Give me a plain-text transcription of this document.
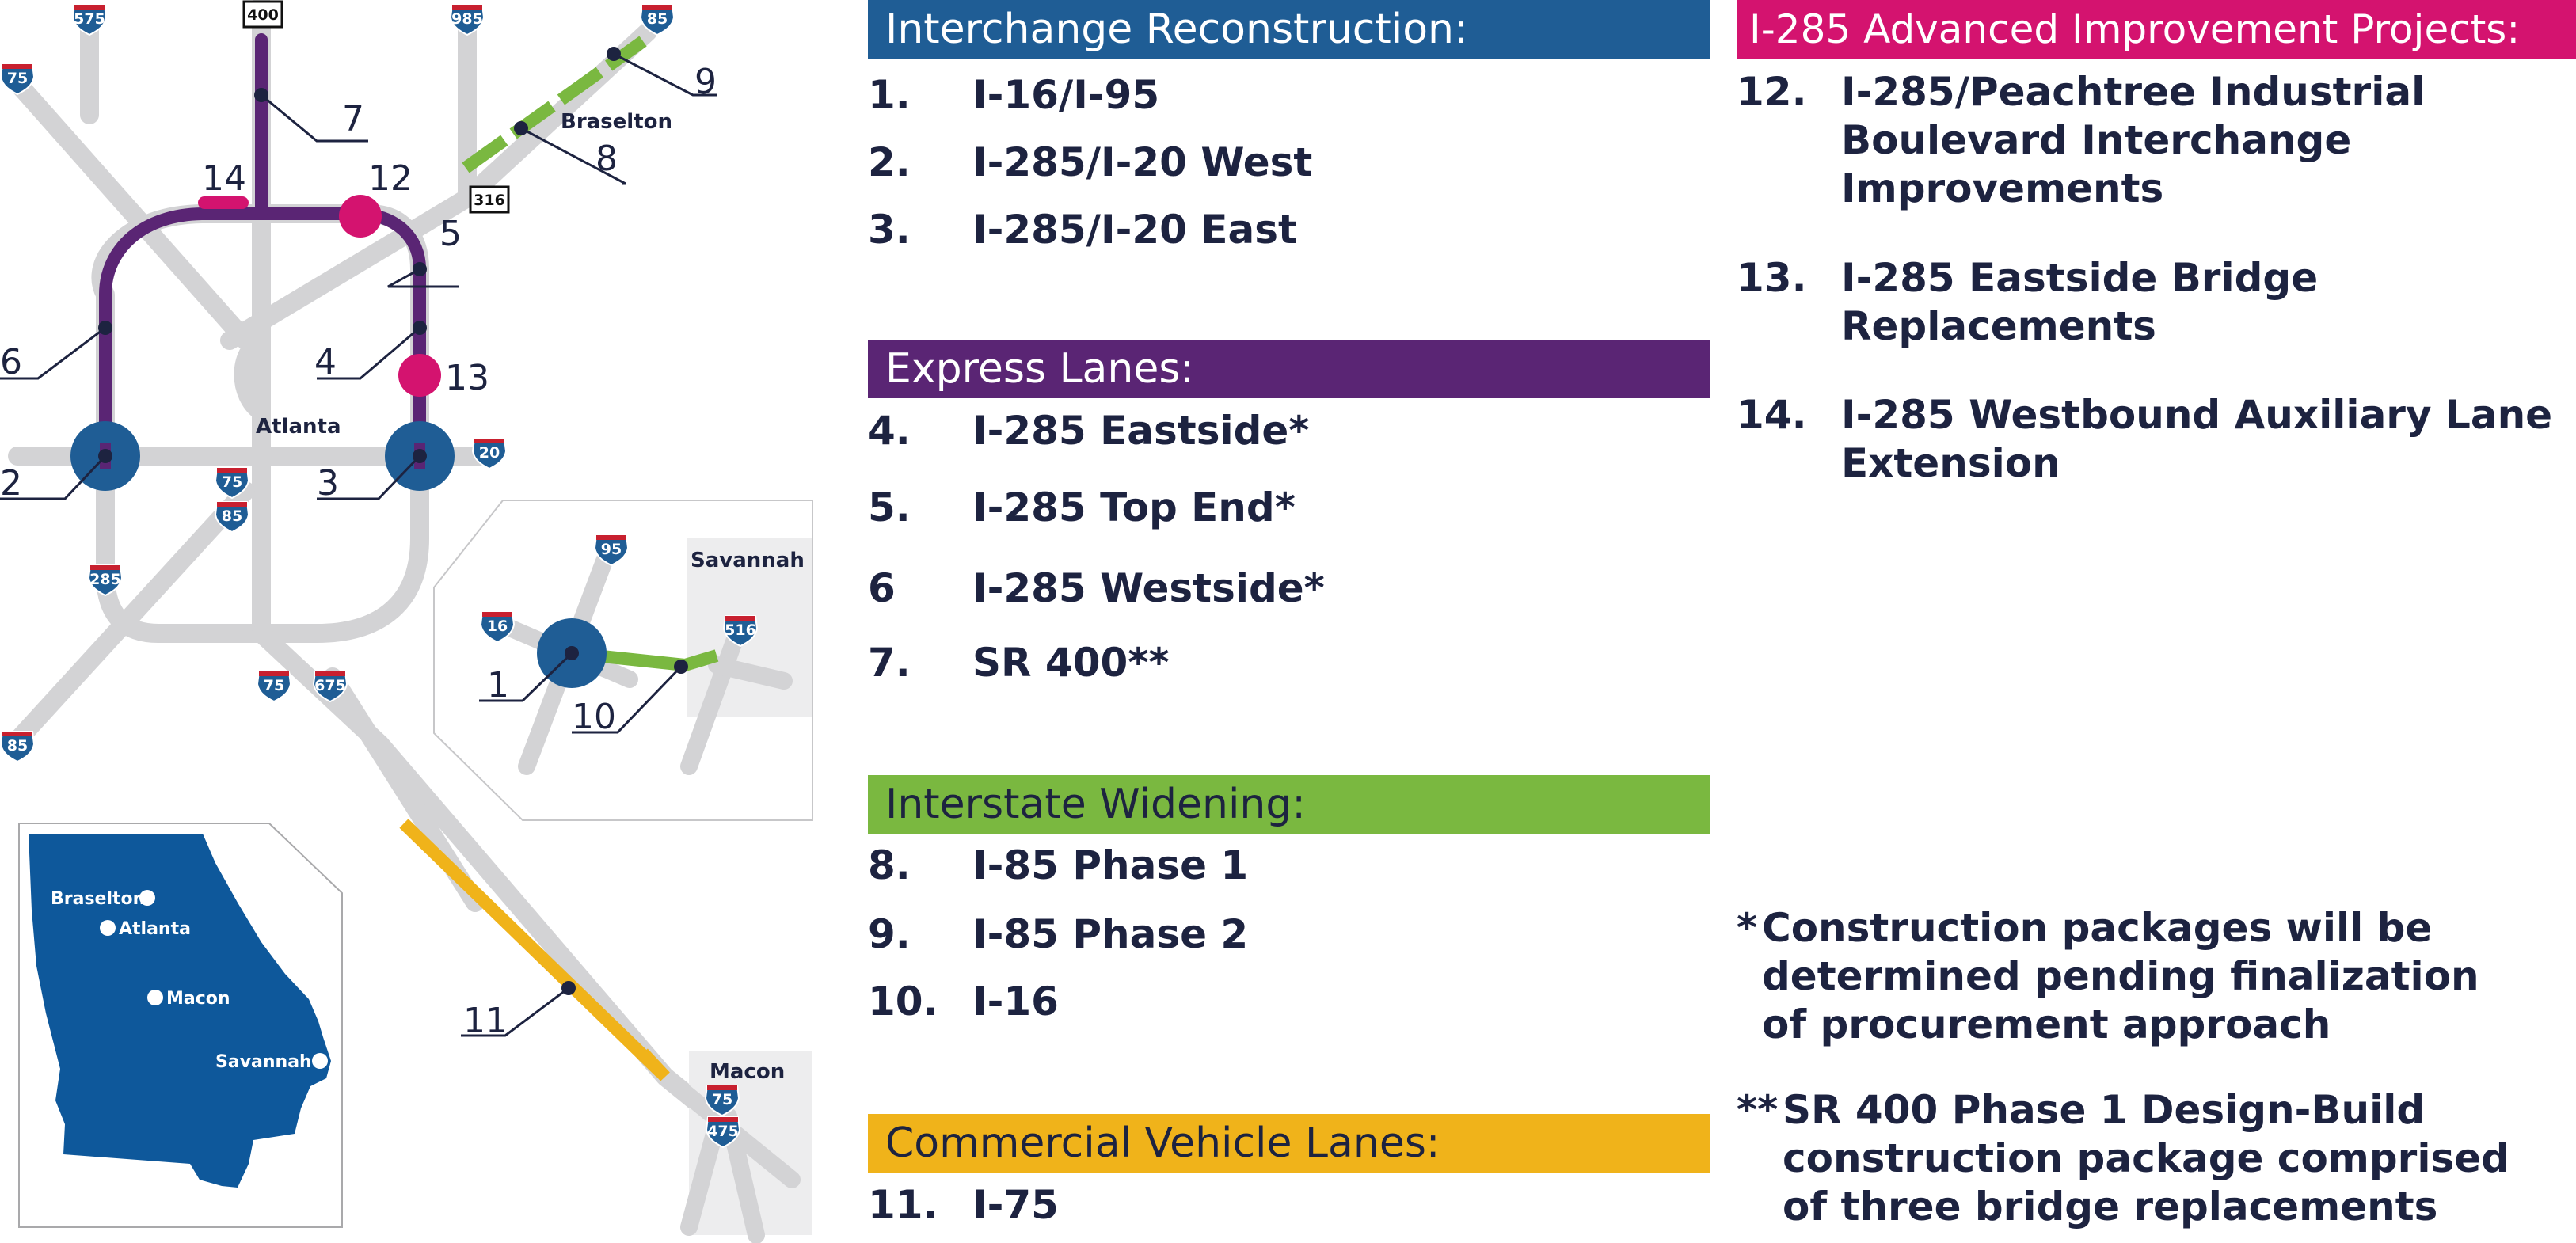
7
8
9
14	12
5
4	13
6
2	3
11
Atlanta
Braselton
575	985	85
75
75
85
285
20
75 675
85
400
316
Savannah
1
10
95
16	516
Macon
475
75
Braselton
Atlanta
Macon
Savannah
Interchange Reconstruction:
1. I-16/I-95
2. I-285/I-20 West
3. I-285/I-20 East
Express Lanes:
4. I-285 Eastside*
5. I-285 Top End*
6 I-285 Westside*
7. SR 400**
Interstate Widening:
8. I-85 Phase 1
9. I-85 Phase 2
10. I-16
Commercial Vehicle Lanes:
11. I-75
I-285 Advanced Improvement Projects:
12. I-285/Peachtree Industrial
Boulevard Interchange
Improvements
13. I-285 Eastside Bridge
Replacements
14. I-285 Westbound Auxiliary Lane
Extension
* Construction packages will be
determined pending finalization
of procurement approach
** SR 400 Phase 1 Design-Build
construction package comprised
of three bridge replacements
